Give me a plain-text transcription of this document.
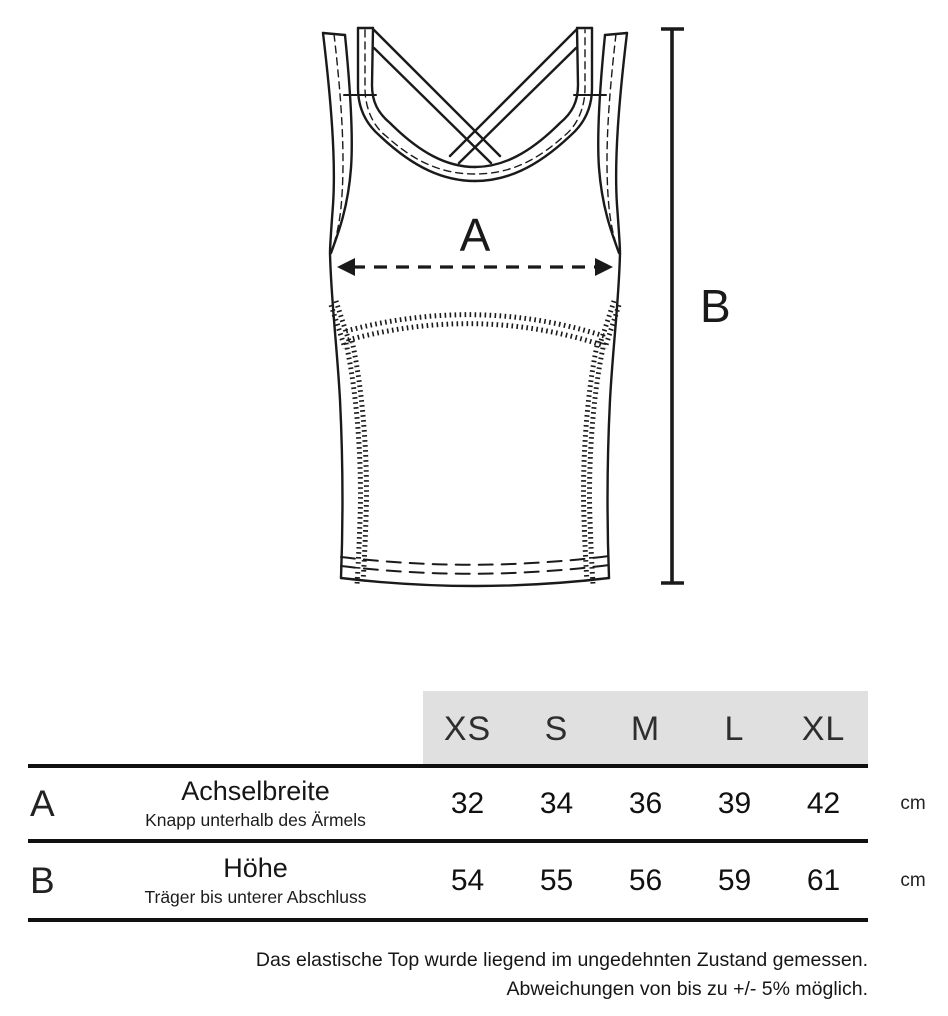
A
B
XS	S	M	L	XL
A	Achselbreite
Knapp unterhalb des Ärmels
32	34	36	39	42	cm
B	Höhe
Träger bis unterer Abschluss
54	55	56	59	61	cm
Das elastische Top wurde liegend im ungedehnten Zustand gemessen.
Abweichungen von bis zu +/- 5% möglich.
